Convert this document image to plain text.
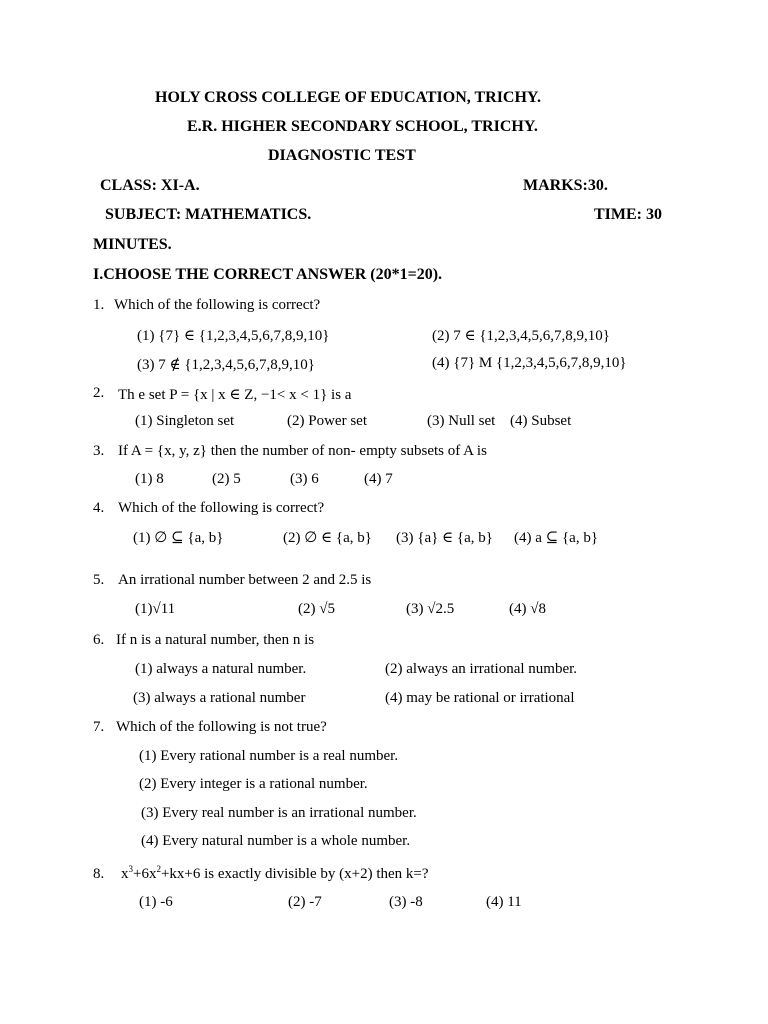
HOLY CROSS COLLEGE OF EDUCATION, TRICHY.
E.R. HIGHER SECONDARY SCHOOL, TRICHY.
DIAGNOSTIC TEST
CLASS: XI-A.	MARKS:30.
SUBJECT: MATHEMATICS.	TIME: 30
MINUTES.
I.CHOOSE THE CORRECT ANSWER (20*1=20).
1. Which of the following is correct?
(1) {7} ∈ {1,2,3,4,5,6,7,8,9,10}	(2) 7 ∈ {1,2,3,4,5,6,7,8,9,10}
(3) 7 ∉ {1,2,3,4,5,6,7,8,9,10}	(4) {7} M {1,2,3,4,5,6,7,8,9,10}
2. Th e set P = {x | x ∈ Z, −1< x < 1} is a
(1) Singleton set	(2) Power set	(3) Null set (4) Subset
3. If A = {x, y, z} then the number of non- empty subsets of A is
(1) 8	(2) 5	(3) 6	(4) 7
4. Which of the following is correct?
(1) ∅ ⊆ {a, b}	(2) ∅ ∈ {a, b} (3) {a} ∈ {a, b} (4) a ⊆ {a, b}
5. An irrational number between 2 and 2.5 is
(1)√11	(2) √5	(3) √2.5	(4) √8
6. If n is a natural number, then n is
(1) always a natural number.	(2) always an irrational number.
(3) always a rational number	(4) may be rational or irrational
7. Which of the following is not true?
(1) Every rational number is a real number.
(2) Every integer is a rational number.
(3) Every real number is an irrational number.
(4) Every natural number is a whole number.
8. $x^3+6x^2+kx+6$ is exactly divisible by (x+2) then k=?
(1) -6	(2) -7	(3) -8	(4) 11
